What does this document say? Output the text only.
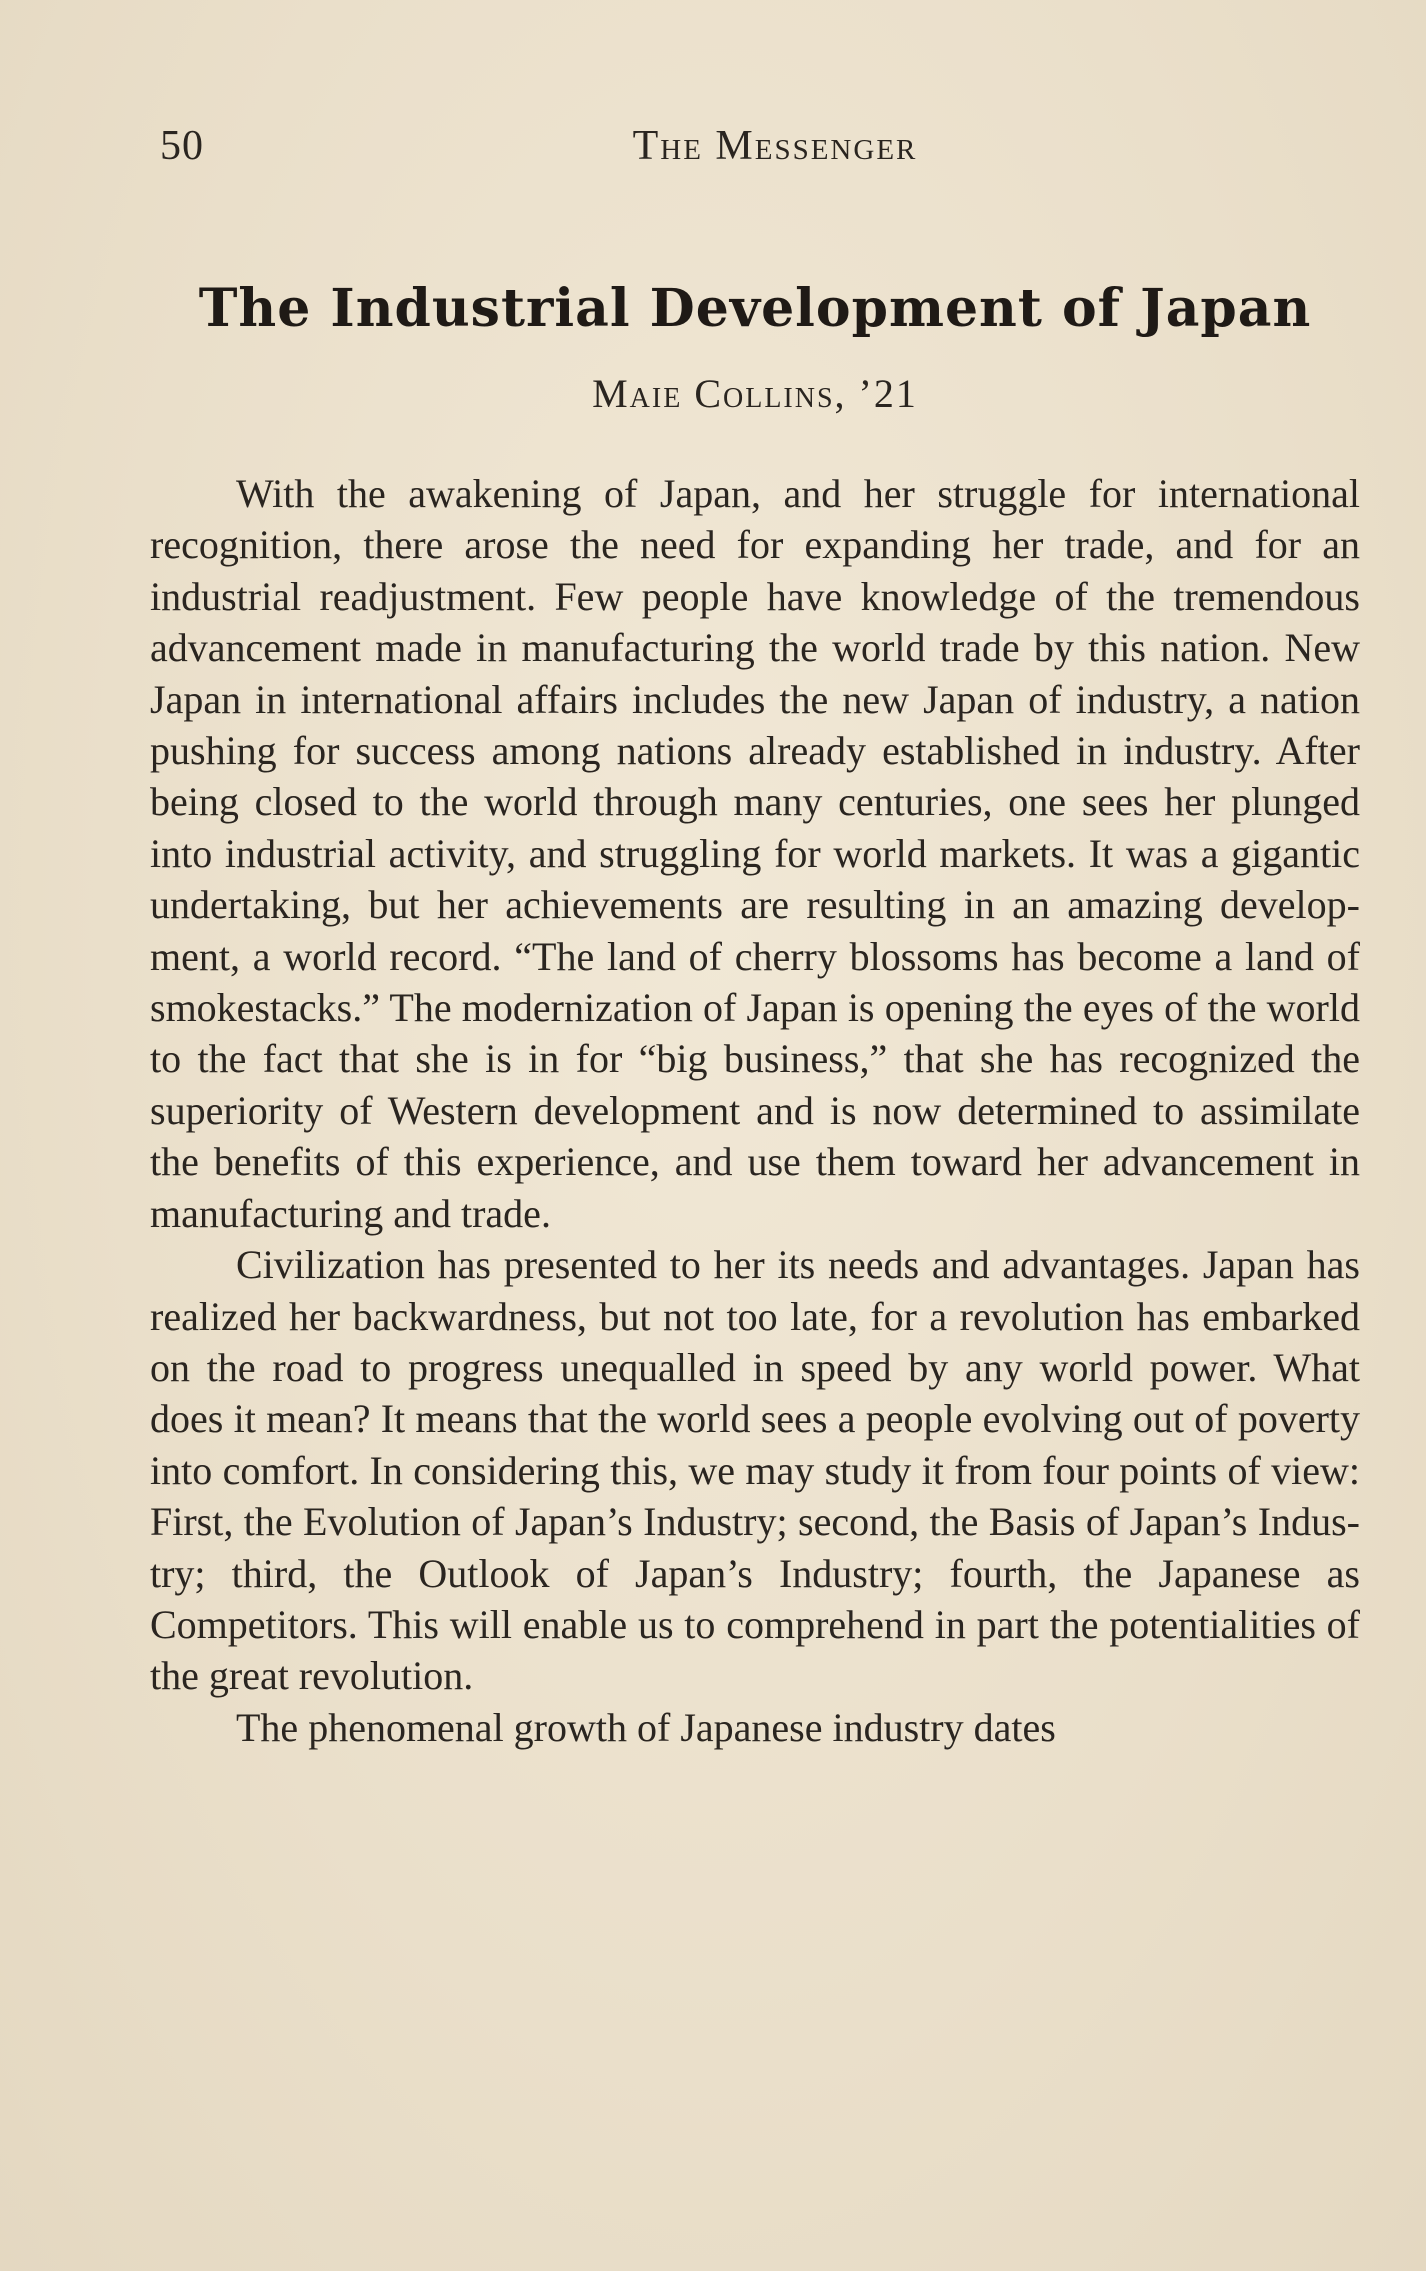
50	The Messenger
The Industrial Development of Japan
Maie Collins, ’21

With the awakening of Japan, and her struggle for international recognition, there arose the need for expanding her trade, and for an industrial readjustment. Few people have knowledge of the tremendous advancement made in manufacturing the world trade by this nation. New Japan in international affairs includes the new Japan of industry, a nation pushing for success among nations already established in industry. After being closed to the world through many centuries, one sees her plunged into industrial activity, and struggling for world markets. It was a gigantic undertaking, but her achievements are resulting in an amazing development, a world record. “The land of cherry blossoms has become a land of smokestacks.” The modernization of Japan is opening the eyes of the world to the fact that she is in for “big business,” that she has recognized the superiority of Western development and is now determined to assimilate the benefits of this experience, and use them toward her advancement in manufacturing and trade.

Civilization has presented to her its needs and advantages. Japan has realized her backwardness, but not too late, for a revolution has embarked on the road to progress unequalled in speed by any world power. What does it mean? It means that the world sees a people evolving out of poverty into comfort. In considering this, we may study it from four points of view: First, the Evolution of Japan’s Industry; second, the Basis of Japan’s Industry; third, the Outlook of Japan’s Industry; fourth, the Japanese as Competitors. This will enable us to comprehend in part the potentialities of the great revolution.

The phenomenal growth of Japanese industry dates
